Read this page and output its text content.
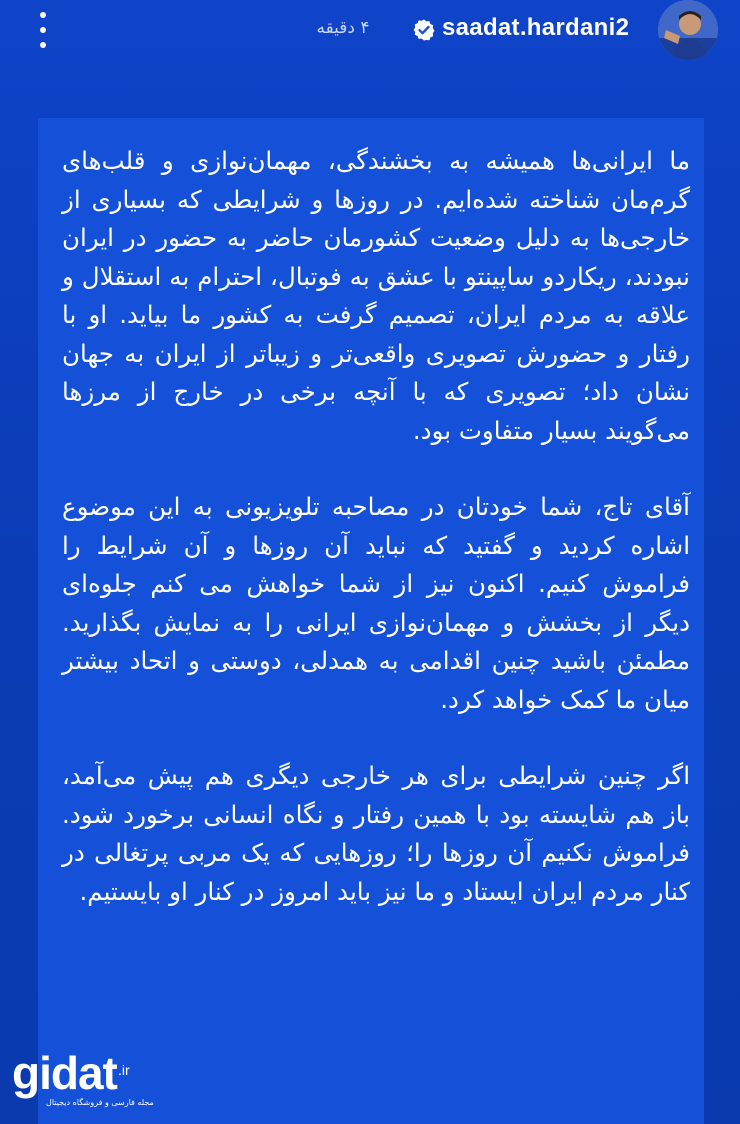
۴ دقیقه	saadat.hardani2

ما ایرانی‌ها همیشه به بخشندگی، مهمان‌نوازی و قلب‌های گرم‌مان شناخته شده‌ایم. در روزها و شرایطی که بسیاری از خارجی‌ها به دلیل وضعیت کشورمان حاضر به حضور در ایران نبودند، ریکاردو ساپینتو با عشق به فوتبال، احترام به استقلال و علاقه به مردم ایران، تصمیم گرفت به کشور ما بیاید. او با رفتار و حضورش تصویری واقعی‌تر و زیباتر از ایران به جهان نشان داد؛ تصویری که با آنچه برخی در خارج از مرزها می‌گویند بسیار متفاوت بود.

آقای تاج، شما خودتان در مصاحبه تلویزیونی به این موضوع اشاره کردید و گفتید که نباید آن روزها و آن شرایط را فراموش کنیم. اکنون نیز از شما خواهش می کنم جلوه‌ای دیگر از بخشش و مهمان‌نوازی ایرانی را به نمایش بگذارید. مطمئن باشید چنین اقدامی به همدلی، دوستی و اتحاد بیشتر میان ما کمک خواهد کرد.

اگر چنین شرایطی برای هر خارجی دیگری هم پیش می‌آمد، باز هم شایسته بود با همین رفتار و نگاه انسانی برخورد شود. فراموش نکنیم آن روزها را؛ روزهایی که یک مربی پرتغالی در کنار مردم ایران ایستاد و ما نیز باید امروز در کنار او بایستیم.

gidat .ir
مجله فارسی و فروشگاه دیجیتال
